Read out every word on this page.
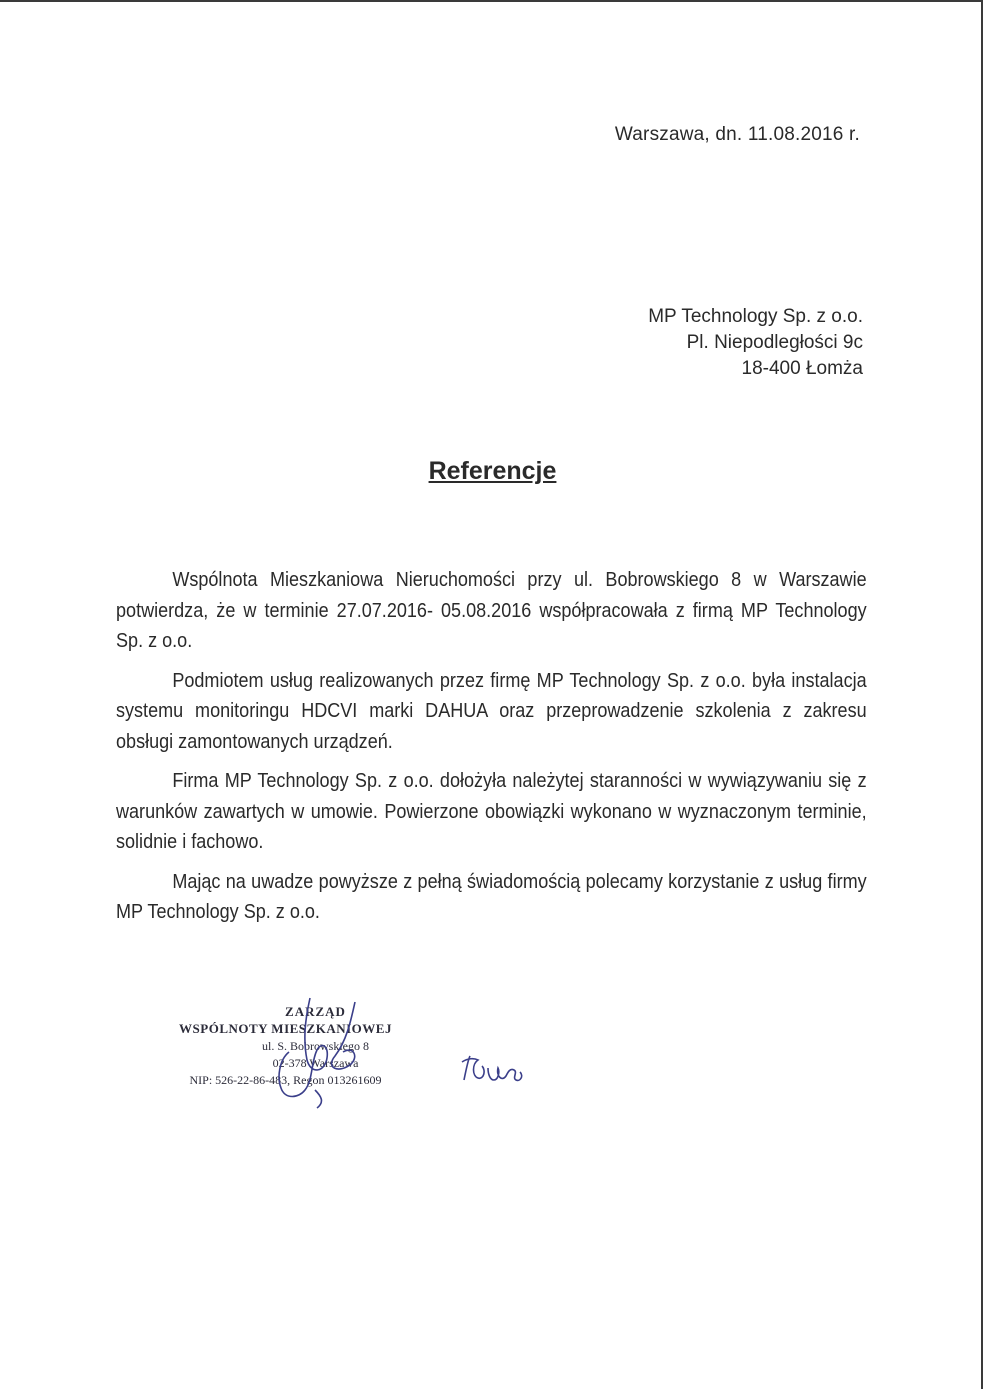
Warszawa, dn. 11.08.2016 r.
MP Technology Sp. z o.o.
Pl. Niepodległości 9c
18-400 Łomża
Referencje

Wspólnota Mieszkaniowa Nieruchomości przy ul. Bobrowskiego 8 w Warszawie potwierdza, że w terminie 27.07.2016- 05.08.2016 współpracowała z firmą MP Technology Sp. z o.o.

Podmiotem usług realizowanych przez firmę MP Technology Sp. z o.o. była instalacja systemu monitoringu HDCVI marki DAHUA oraz przeprowadzenie szkolenia z zakresu obsługi zamontowanych urządzeń.

Firma MP Technology Sp. z o.o. dołożyła należytej staranności w wywiązywaniu się z warunków zawartych w umowie. Powierzone obowiązki wykonano w wyznaczonym terminie, solidnie i fachowo.

Mając na uwadze powyższe z pełną świadomością polecamy korzystanie z usług firmy MP Technology Sp. z o.o.

ZARZĄD
WSPÓLNOTY MIESZKANIOWEJ
ul. S. Bobrowskiego 8
02-378 Warszawa
NIP: 526-22-86-483, Regon 013261609
